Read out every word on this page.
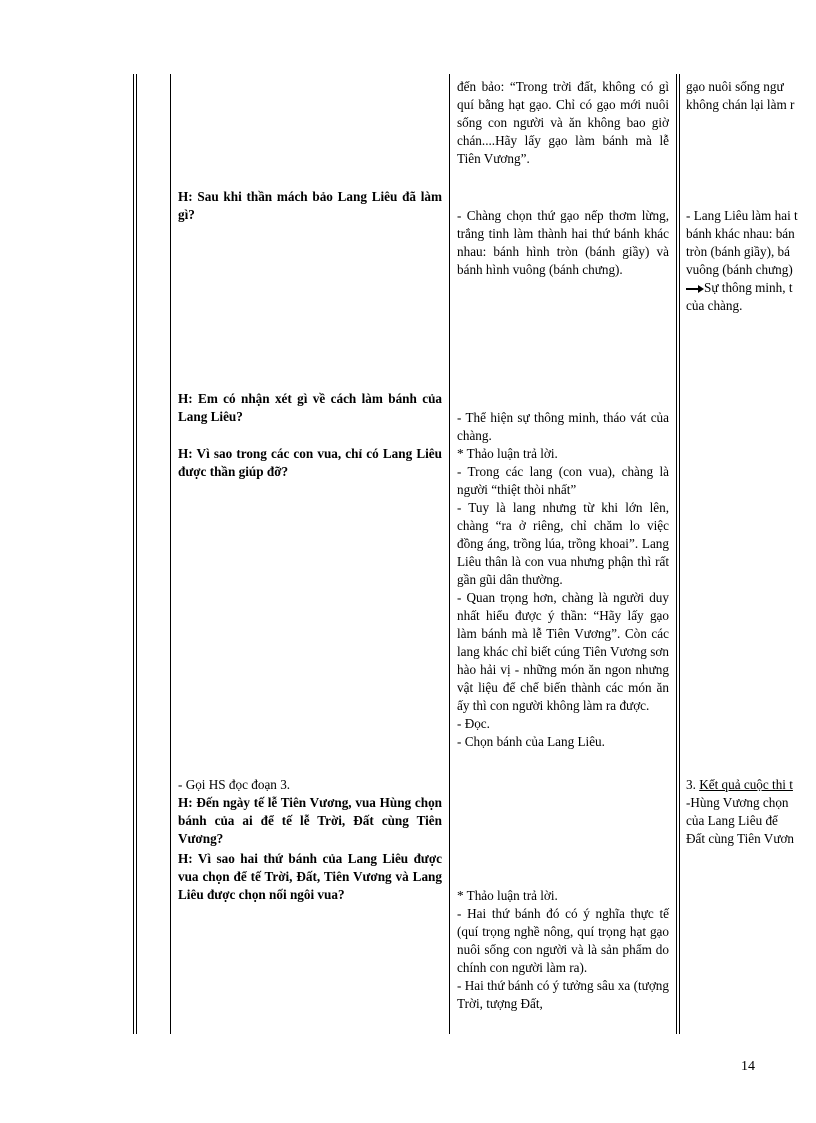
H: Sau khi thần mách bảo Lang Liêu đã làm gì?
H: Em có nhận xét gì về cách làm bánh của Lang Liêu?
H: Vì sao trong các con vua, chỉ có Lang Liêu được thần giúp đỡ?
- Gọi HS đọc đoạn 3.
H: Đến ngày tế lễ Tiên Vương, vua Hùng chọn bánh của ai để tế lễ Trời, Đất cùng Tiên Vương?
H: Vì sao hai thứ bánh của Lang Liêu được vua chọn để tế Trời, Đất, Tiên Vương và Lang Liêu được chọn nối ngôi vua?

đến bảo: “Trong trời đất, không có gì quí bằng hạt gạo. Chỉ có gạo mới nuôi sống con người và ăn không bao giờ chán....Hãy lấy gạo làm bánh mà lễ Tiên Vương”.

- Chàng chọn thứ gạo nếp thơm lừng, trắng tinh làm thành hai thứ bánh khác nhau: bánh hình tròn (bánh giầy) và bánh hình vuông (bánh chưng).

- Thể hiện sự thông minh, tháo vát của chàng.

* Thảo luận trả lời.

- Trong các lang (con vua), chàng là người “thiệt thòi nhất”

- Tuy là lang nhưng từ khi lớn lên, chàng “ra ở riêng, chỉ chăm lo việc đồng áng, trồng lúa, trồng khoai”. Lang Liêu thân là con vua nhưng phận thì rất gần gũi dân thường.

- Quan trọng hơn, chàng là người duy nhất hiểu được ý thần: “Hãy lấy gạo làm bánh mà lễ Tiên Vương”. Còn các lang khác chỉ biết cúng Tiên Vương sơn hào hải vị - những món ăn ngon nhưng vật liệu để chế biến thành các món ăn ấy thì con người không làm ra được.

- Đọc.

- Chọn bánh của Lang Liêu.

* Thảo luận trả lời.

- Hai thứ bánh đó có ý nghĩa thực tế (quí trọng nghề nông, quí trọng hạt gạo nuôi sống con người và là sản phẩm do chính con người làm ra).

- Hai thứ bánh có ý tưởng sâu xa (tượng Trời, tượng Đất,

gạo nuôi sống ngư

không chán lại làm r

- Lang Liêu làm hai t

bánh khác nhau: bán

tròn (bánh giầy), bá

vuông (bánh chưng)

Sự thông minh, t

của chàng.

3. Kết quả cuộc thi t

-Hùng Vương chọn

của Lang Liêu để

Đất cùng Tiên Vươn

14
